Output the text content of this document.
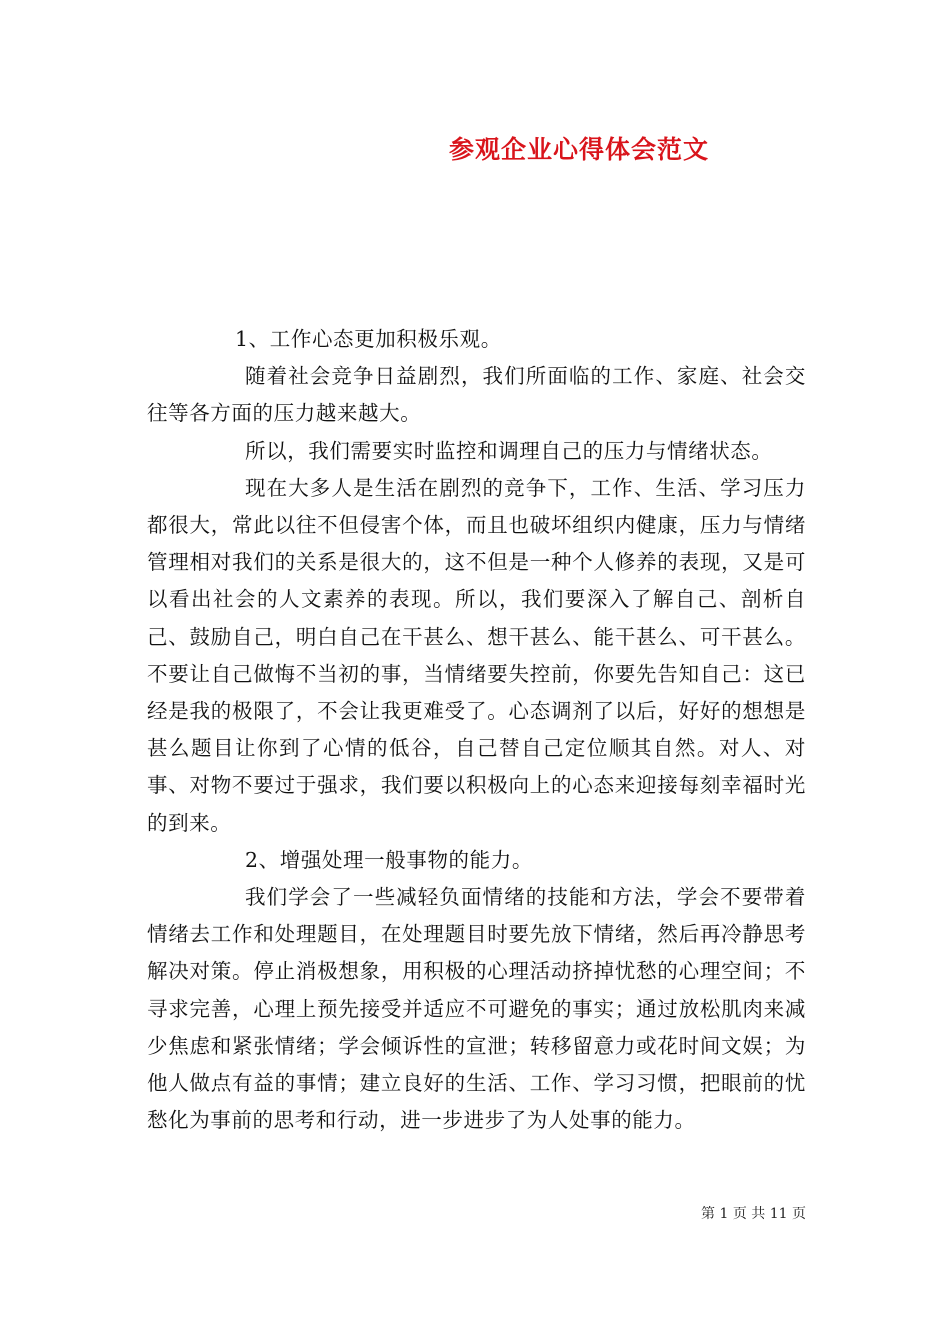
参观企业心得体会范文

1、工作心态更加积极乐观。

随着社会竞争日益剧烈，我们所面临的工作、家庭、社会交往等各方面的压力越来越大。

所以，我们需要实时监控和调理自己的压力与情绪状态。

现在大多人是生活在剧烈的竞争下，工作、生活、学习压力都很大，常此以往不但侵害个体，而且也破坏组织内健康，压力与情绪管理相对我们的关系是很大的，这不但是一种个人修养的表现，又是可以看出社会的人文素养的表现。所以，我们要深入了解自己、剖析自己、鼓励自己，明白自己在干甚么、想干甚么、能干甚么、可干甚么。不要让自己做悔不当初的事，当情绪要失控前，你要先告知自己：这已经是我的极限了，不会让我更难受了。心态调剂了以后，好好的想想是甚么题目让你到了心情的低谷，自己替自己定位顺其自然。对人、对事、对物不要过于强求，我们要以积极向上的心态来迎接每刻幸福时光的到来。

2、增强处理一般事物的能力。

我们学会了一些减轻负面情绪的技能和方法，学会不要带着情绪去工作和处理题目，在处理题目时要先放下情绪，然后再冷静思考解决对策。停止消极想象，用积极的心理活动挤掉忧愁的心理空间；不寻求完善，心理上预先接受并适应不可避免的事实；通过放松肌肉来减少焦虑和紧张情绪；学会倾诉性的宣泄；转移留意力或花时间文娱；为他人做点有益的事情；建立良好的生活、工作、学习习惯，把眼前的忧愁化为事前的思考和行动，进一步进步了为人处事的能力。

第 1 页 共 11 页
